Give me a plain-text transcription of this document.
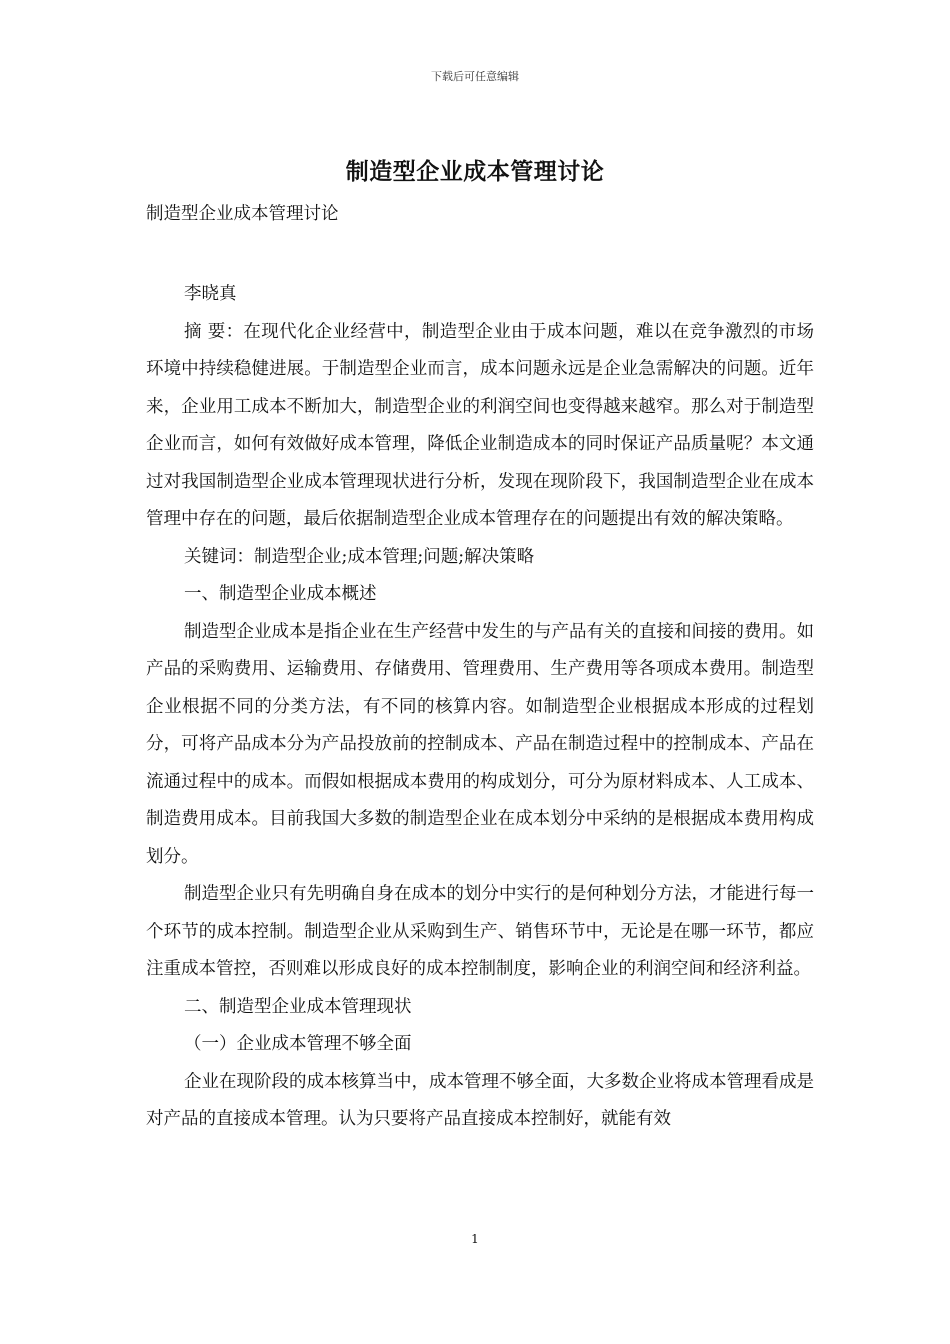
下载后可任意编辑
制造型企业成本管理讨论
制造型企业成本管理讨论

李晓真

摘 要：在现代化企业经营中，制造型企业由于成本问题，难以在竞争激烈的市场环境中持续稳健进展。于制造型企业而言，成本问题永远是企业急需解决的问题。近年来，企业用工成本不断加大，制造型企业的利润空间也变得越来越窄。那么对于制造型企业而言，如何有效做好成本管理，降低企业制造成本的同时保证产品质量呢？本文通过对我国制造型企业成本管理现状进行分析，发现在现阶段下，我国制造型企业在成本管理中存在的问题，最后依据制造型企业成本管理存在的问题提出有效的解决策略。

关键词：制造型企业;成本管理;问题;解决策略

一、制造型企业成本概述

制造型企业成本是指企业在生产经营中发生的与产品有关的直接和间接的费用。如产品的采购费用、运输费用、存储费用、管理费用、生产费用等各项成本费用。制造型企业根据不同的分类方法，有不同的核算内容。如制造型企业根据成本形成的过程划分，可将产品成本分为产品投放前的控制成本、产品在制造过程中的控制成本、产品在流通过程中的成本。而假如根据成本费用的构成划分，可分为原材料成本、人工成本、制造费用成本。目前我国大多数的制造型企业在成本划分中采纳的是根据成本费用构成划分。

制造型企业只有先明确自身在成本的划分中实行的是何种划分方法，才能进行每一个环节的成本控制。制造型企业从采购到生产、销售环节中，无论是在哪一环节，都应注重成本管控，否则难以形成良好的成本控制制度，影响企业的利润空间和经济利益。

二、制造型企业成本管理现状

（一）企业成本管理不够全面

企业在现阶段的成本核算当中，成本管理不够全面，大多数企业将成本管理看成是对产品的直接成本管理。认为只要将产品直接成本控制好，就能有效

1
